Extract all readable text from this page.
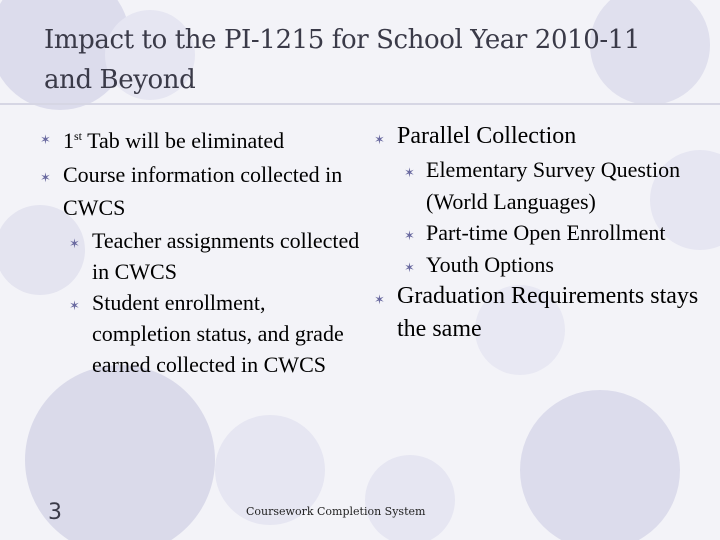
Impact to the PI-1215 for School Year 2010-11 and Beyond
✶ 1st Tab will be eliminated
✶ Course information collected in CWCS
✶ Teacher assignments collected in CWCS
✶ Student enrollment, completion status, and grade earned collected in CWCS
✶ Parallel Collection
✶ Elementary Survey Question (World Languages)
✶ Part-time Open Enrollment
✶ Youth Options
✶ Graduation Requirements stays the same
3	Coursework Completion System
